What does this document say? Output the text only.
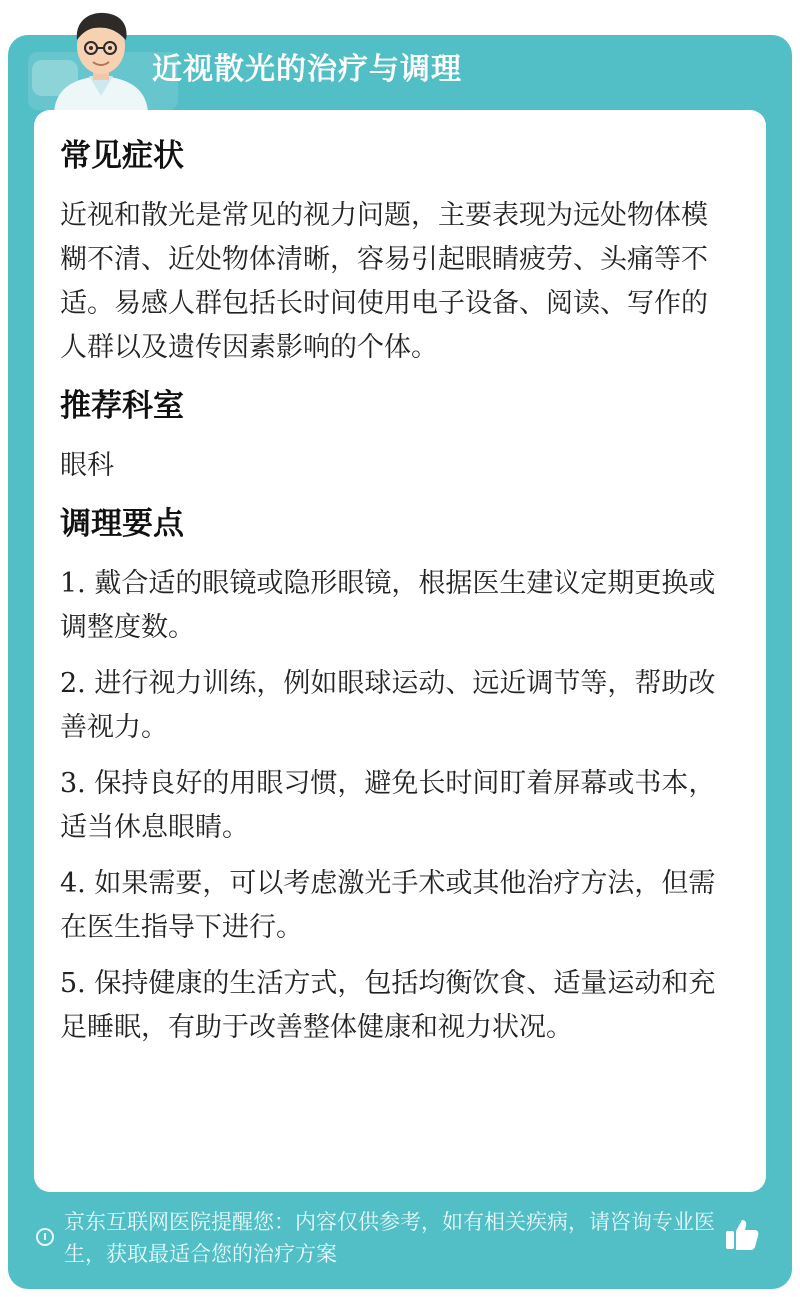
近视散光的治疗与调理
常见症状
近视和散光是常见的视力问题，主要表现为远处物体模糊不清、近处物体清晰，容易引起眼睛疲劳、头痛等不适。易感人群包括长时间使用电子设备、阅读、写作的人群以及遗传因素影响的个体。
推荐科室
眼科
调理要点
1. 戴合适的眼镜或隐形眼镜，根据医生建议定期更换或调整度数。
2. 进行视力训练，例如眼球运动、远近调节等，帮助改善视力。
3. 保持良好的用眼习惯，避免长时间盯着屏幕或书本，适当休息眼睛。
4. 如果需要，可以考虑激光手术或其他治疗方法，但需在医生指导下进行。
5. 保持健康的生活方式，包括均衡饮食、适量运动和充足睡眠，有助于改善整体健康和视力状况。
京东互联网医院提醒您：内容仅供参考，如有相关疾病，请咨询专业医生，获取最适合您的治疗方案
